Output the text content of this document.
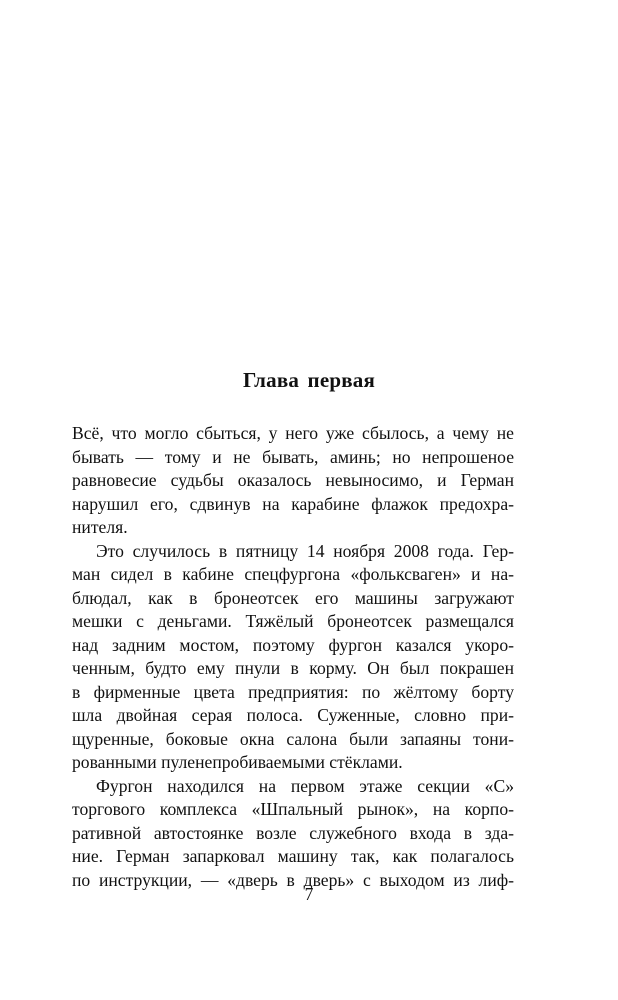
Глава первая

Всё, что могло сбыться, у него уже сбылось, а чему не
бывать — тому и не бывать, аминь; но непрошеное
равновесие судьбы оказалось невыносимо, и Герман
нарушил его, сдвинув на карабине флажок предохра-
нителя.

Это случилось в пятницу 14 ноября 2008 года. Гер-
ман сидел в кабине спецфургона «фольксваген» и на-
блюдал, как в бронеотсек его машины загружают
мешки с деньгами. Тяжёлый бронеотсек размещался
над задним мостом, поэтому фургон казался укоро-
ченным, будто ему пнули в корму. Он был покрашен
в фирменные цвета предприятия: по жёлтому борту
шла двойная серая полоса. Суженные, словно при-
щуренные, боковые окна салона были запаяны тони-
рованными пуленепробиваемыми стёклами.

Фургон находился на первом этаже секции «С»
торгового комплекса «Шпальный рынок», на корпо-
ративной автостоянке возле служебного входа в зда-
ние. Герман запарковал машину так, как полагалось
по инструкции, — «дверь в дверь» с выходом из лиф-

7
